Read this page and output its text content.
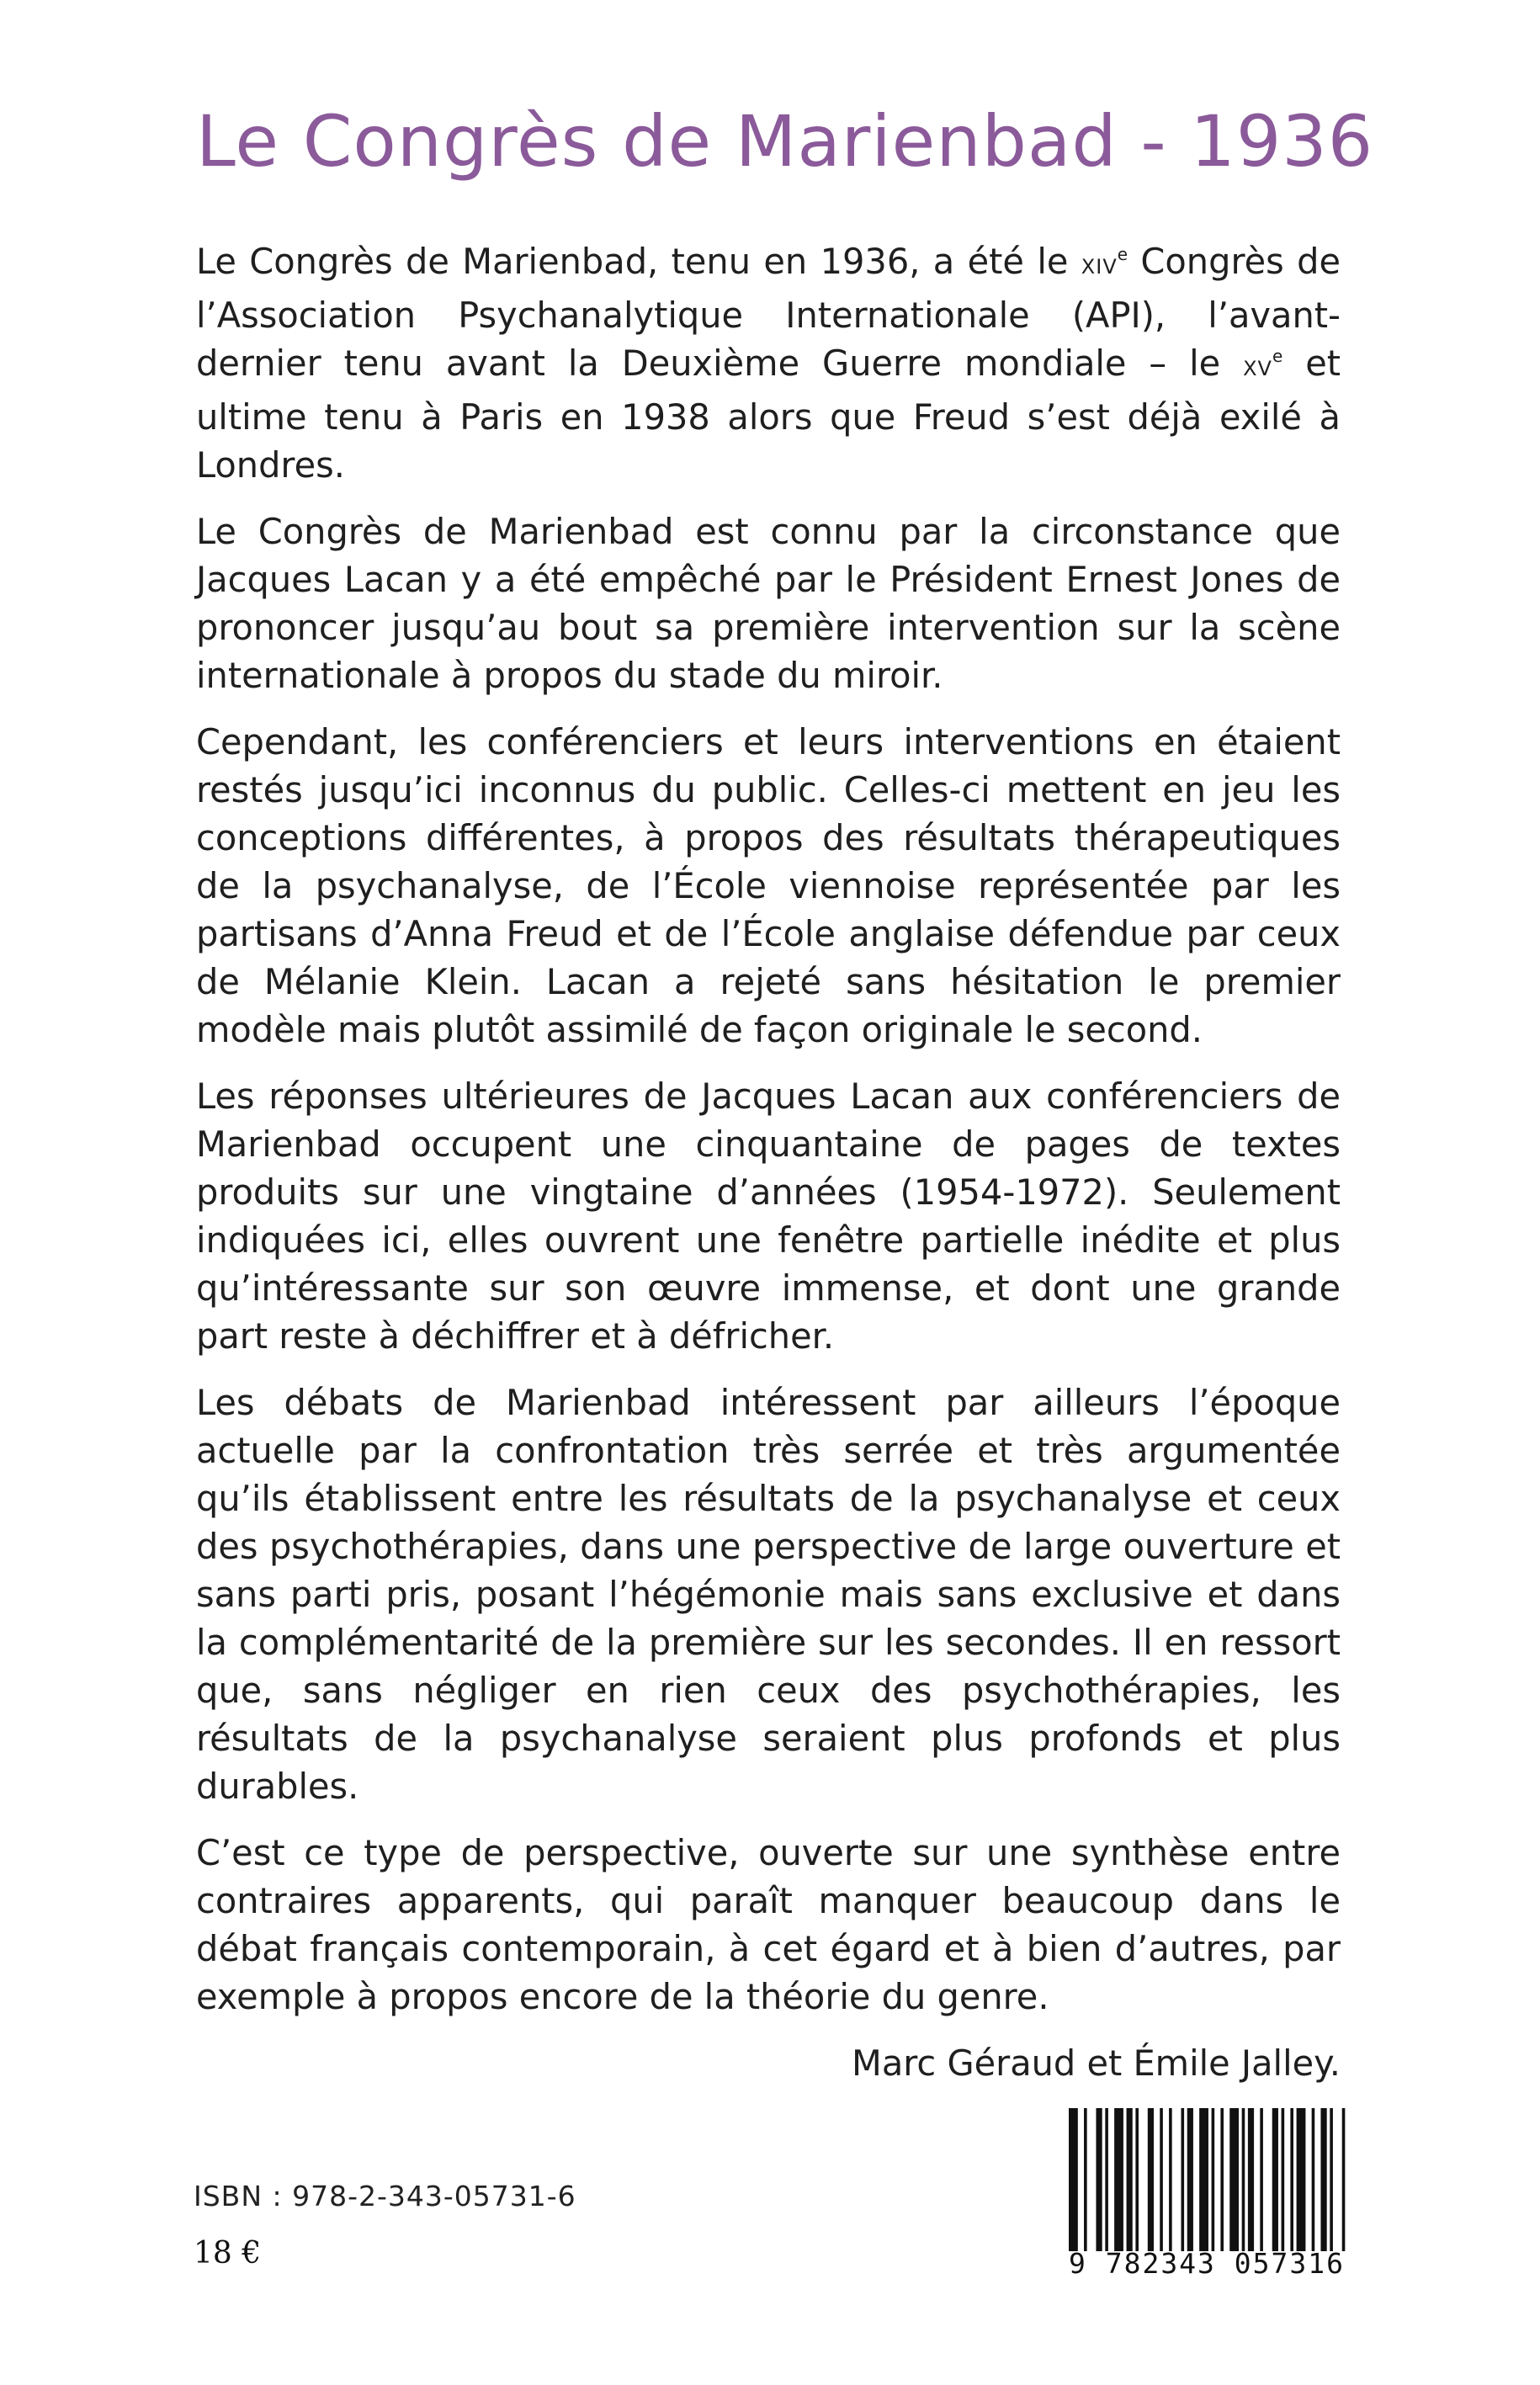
Le Congrès de Marienbad - 1936

Le Congrès de Marienbad, tenu en 1936, a été le XIVe Congrès de l’Association Psychanalytique Internationale (API), l’avant-dernier tenu avant la Deuxième Guerre mondiale – le XVe et ultime tenu à Paris en 1938 alors que Freud s’est déjà exilé à Londres.

Le Congrès de Marienbad est connu par la circonstance que Jacques Lacan y a été empêché par le Président Ernest Jones de prononcer jusqu’au bout sa première intervention sur la scène internationale à propos du stade du miroir.

Cependant, les conférenciers et leurs interventions en étaient restés jusqu’ici inconnus du public. Celles-ci mettent en jeu les conceptions différentes, à propos des résultats thérapeutiques de la psychanalyse, de l’École viennoise représentée par les partisans d’Anna Freud et de l’École anglaise défendue par ceux de Mélanie Klein. Lacan a rejeté sans hésitation le premier modèle mais plutôt assimilé de façon originale le second.

Les réponses ultérieures de Jacques Lacan aux conférenciers de Marienbad occupent une cinquantaine de pages de textes produits sur une vingtaine d’années (1954-1972). Seulement indiquées ici, elles ouvrent une fenêtre partielle inédite et plus qu’intéressante sur son œuvre immense, et dont une grande part reste à déchiffrer et à défricher.

Les débats de Marienbad intéressent par ailleurs l’époque actuelle par la confrontation très serrée et très argumentée qu’ils établissent entre les résultats de la psychanalyse et ceux des psychothérapies, dans une perspective de large ouverture et sans parti pris, posant l’hégémonie mais sans exclusive et dans la complémentarité de la première sur les secondes. Il en ressort que, sans négliger en rien ceux des psychothérapies, les résultats de la psychanalyse seraient plus profonds et plus durables.

C’est ce type de perspective, ouverte sur une synthèse entre contraires apparents, qui paraît manquer beaucoup dans le débat français contemporain, à cet égard et à bien d’autres, par exemple à propos encore de la théorie du genre.

Marc Géraud et Émile Jalley.

ISBN : 978-2-343-05731-6
18 €	9 782343 057316
